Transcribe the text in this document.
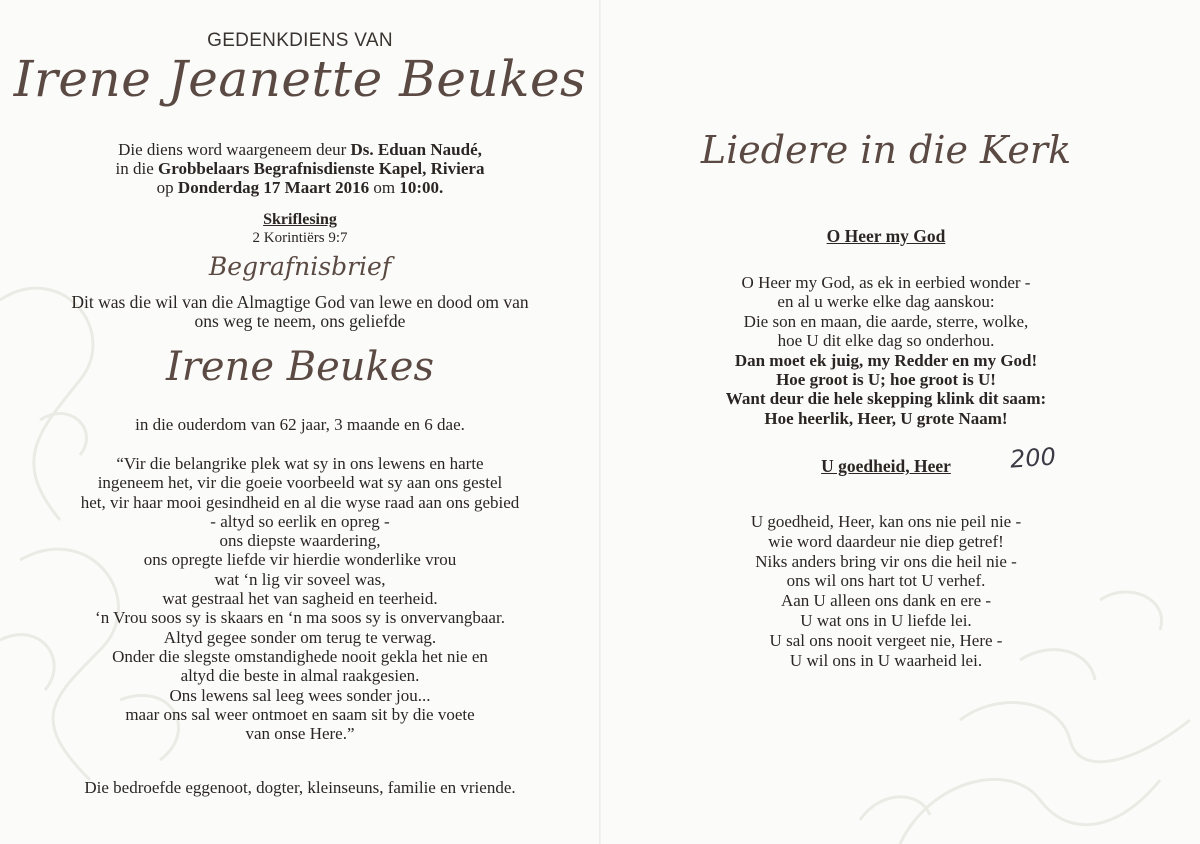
GEDENKDIENS VAN
Irene Jeanette Beukes
Die diens word waargeneem deur Ds. Eduan Naudé,
in die Grobbelaars Begrafnisdienste Kapel, Riviera
op Donderdag 17 Maart 2016 om 10:00.
Skriflesing
2 Korintiërs 9:7
Begrafnisbrief
Dit was die wil van die Almagtige God van lewe en dood om van
ons weg te neem, ons geliefde
Irene Beukes
in die ouderdom van 62 jaar, 3 maande en 6 dae.
“Vir die belangrike plek wat sy in ons lewens en harte
ingeneem het, vir die goeie voorbeeld wat sy aan ons gestel
het, vir haar mooi gesindheid en al die wyse raad aan ons gebied
- altyd so eerlik en opreg -
ons diepste waardering,
ons opregte liefde vir hierdie wonderlike vrou
wat ‘n lig vir soveel was,
wat gestraal het van sagheid en teerheid.
‘n Vrou soos sy is skaars en ‘n ma soos sy is onvervangbaar.
Altyd gegee sonder om terug te verwag.
Onder die slegste omstandighede nooit gekla het nie en
altyd die beste in almal raakgesien.
Ons lewens sal leeg wees sonder jou...
maar ons sal weer ontmoet en saam sit by die voete
van onse Here.”
Die bedroefde eggenoot, dogter, kleinseuns, familie en vriende.
Liedere in die Kerk
O Heer my God
O Heer my God, as ek in eerbied wonder -
en al u werke elke dag aanskou:
Die son en maan, die aarde, sterre, wolke,
hoe U dit elke dag so onderhou.
Dan moet ek juig, my Redder en my God!
Hoe groot is U; hoe groot is U!
Want deur die hele skepping klink dit saam:
Hoe heerlik, Heer, U grote Naam!
U goedheid, Heer	200
U goedheid, Heer, kan ons nie peil nie -
wie word daardeur nie diep getref!
Niks anders bring vir ons die heil nie -
ons wil ons hart tot U verhef.
Aan U alleen ons dank en ere -
U wat ons in U liefde lei.
U sal ons nooit vergeet nie, Here -
U wil ons in U waarheid lei.
